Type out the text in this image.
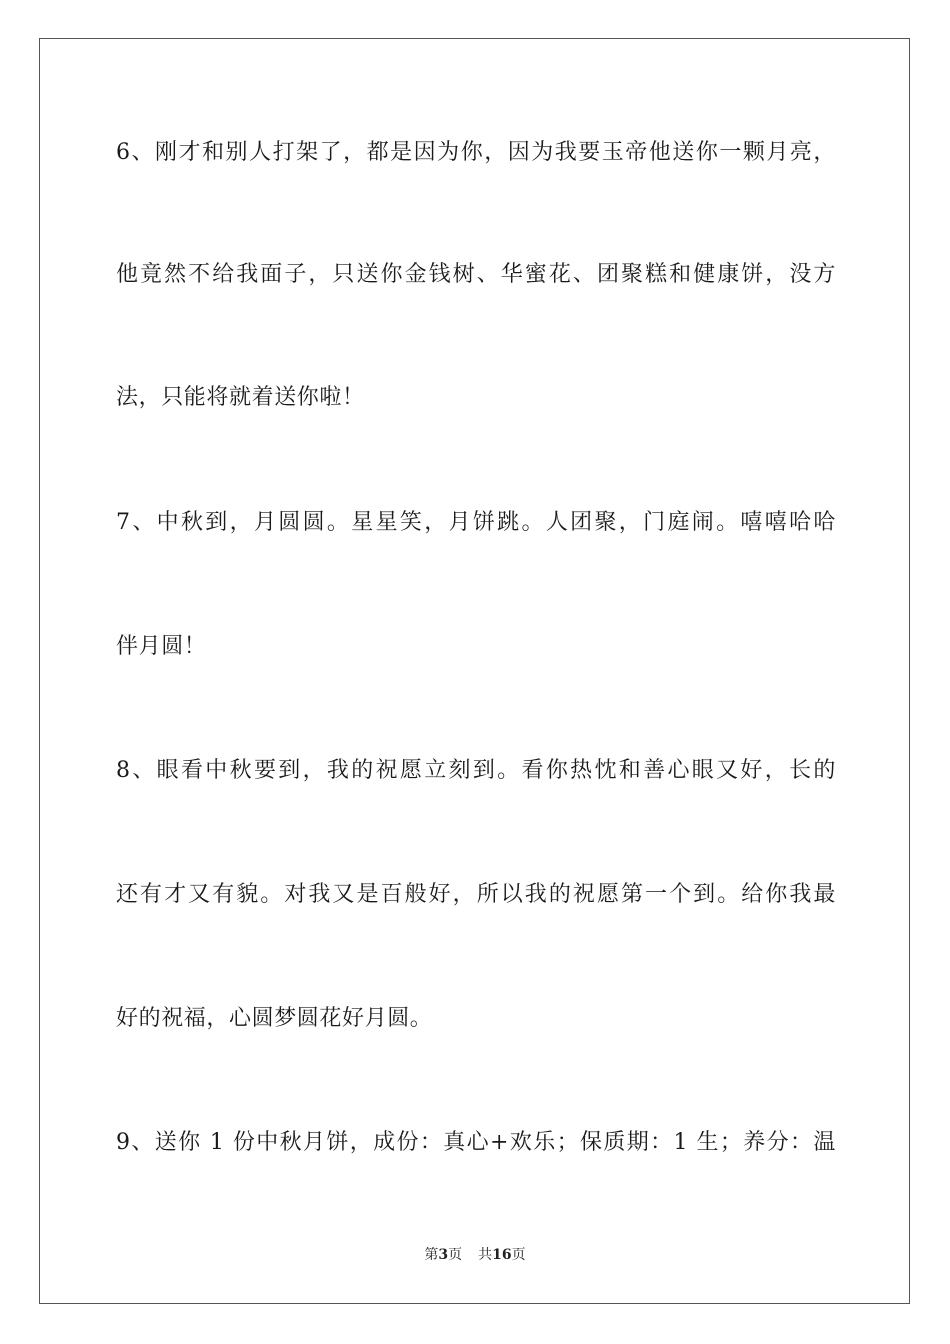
6、刚才和别人打架了，都是因为你，因为我要玉帝他送你一颗月亮，
他竟然不给我面子，只送你金钱树、华蜜花、团聚糕和健康饼，没方
法，只能将就着送你啦！
7、中秋到，月圆圆。星星笑，月饼跳。人团聚，门庭闹。嘻嘻哈哈
伴月圆！
8、眼看中秋要到，我的祝愿立刻到。看你热忱和善心眼又好，长的
还有才又有貌。对我又是百般好，所以我的祝愿第一个到。给你我最
好的祝福，心圆梦圆花好月圆。
9、送你 1 份中秋月饼，成份：真心+欢乐；保质期：1 生；养分：温
第3页 共16页
